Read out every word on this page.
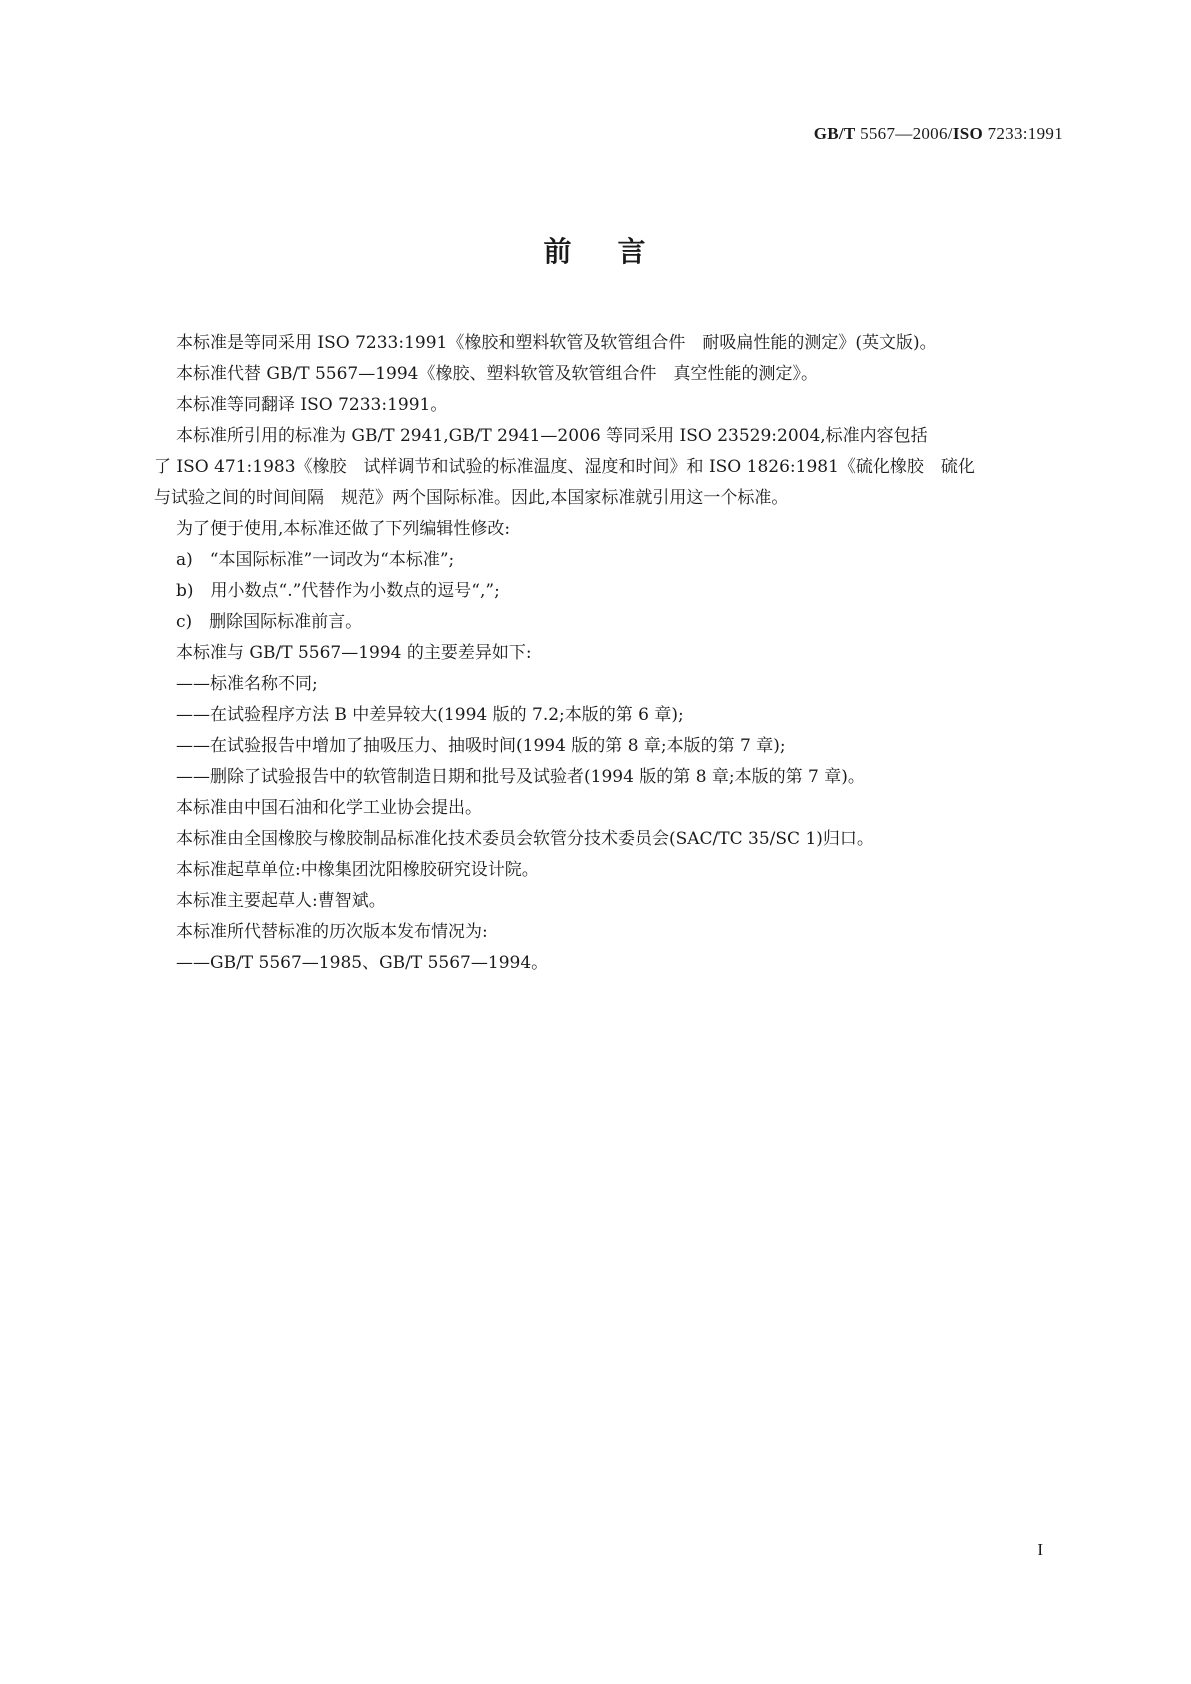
GB/T 5567—2006/ISO 7233:1991
前 言

本标准是等同采用 ISO 7233:1991《橡胶和塑料软管及软管组合件　耐吸扁性能的测定》(英文版)。

本标准代替 GB/T 5567—1994《橡胶、塑料软管及软管组合件　真空性能的测定》。

本标准等同翻译 ISO 7233:1991。

本标准所引用的标准为 GB/T 2941,GB/T 2941—2006 等同采用 ISO 23529:2004,标准内容包括

了 ISO 471:1983《橡胶　试样调节和试验的标准温度、湿度和时间》和 ISO 1826:1981《硫化橡胶　硫化

与试验之间的时间间隔　规范》两个国际标准。因此,本国家标准就引用这一个标准。

为了便于使用,本标准还做了下列编辑性修改:

a)　“本国际标准”一词改为“本标准”;

b)　用小数点“.”代替作为小数点的逗号“,”;

c)　删除国际标准前言。

本标准与 GB/T 5567—1994 的主要差异如下:

——标准名称不同;

——在试验程序方法 B 中差异较大(1994 版的 7.2;本版的第 6 章);

——在试验报告中增加了抽吸压力、抽吸时间(1994 版的第 8 章;本版的第 7 章);

——删除了试验报告中的软管制造日期和批号及试验者(1994 版的第 8 章;本版的第 7 章)。

本标准由中国石油和化学工业协会提出。

本标准由全国橡胶与橡胶制品标准化技术委员会软管分技术委员会(SAC/TC 35/SC 1)归口。

本标准起草单位:中橡集团沈阳橡胶研究设计院。

本标准主要起草人:曹智斌。

本标准所代替标准的历次版本发布情况为:

——GB/T 5567—1985、GB/T 5567—1994。

I
